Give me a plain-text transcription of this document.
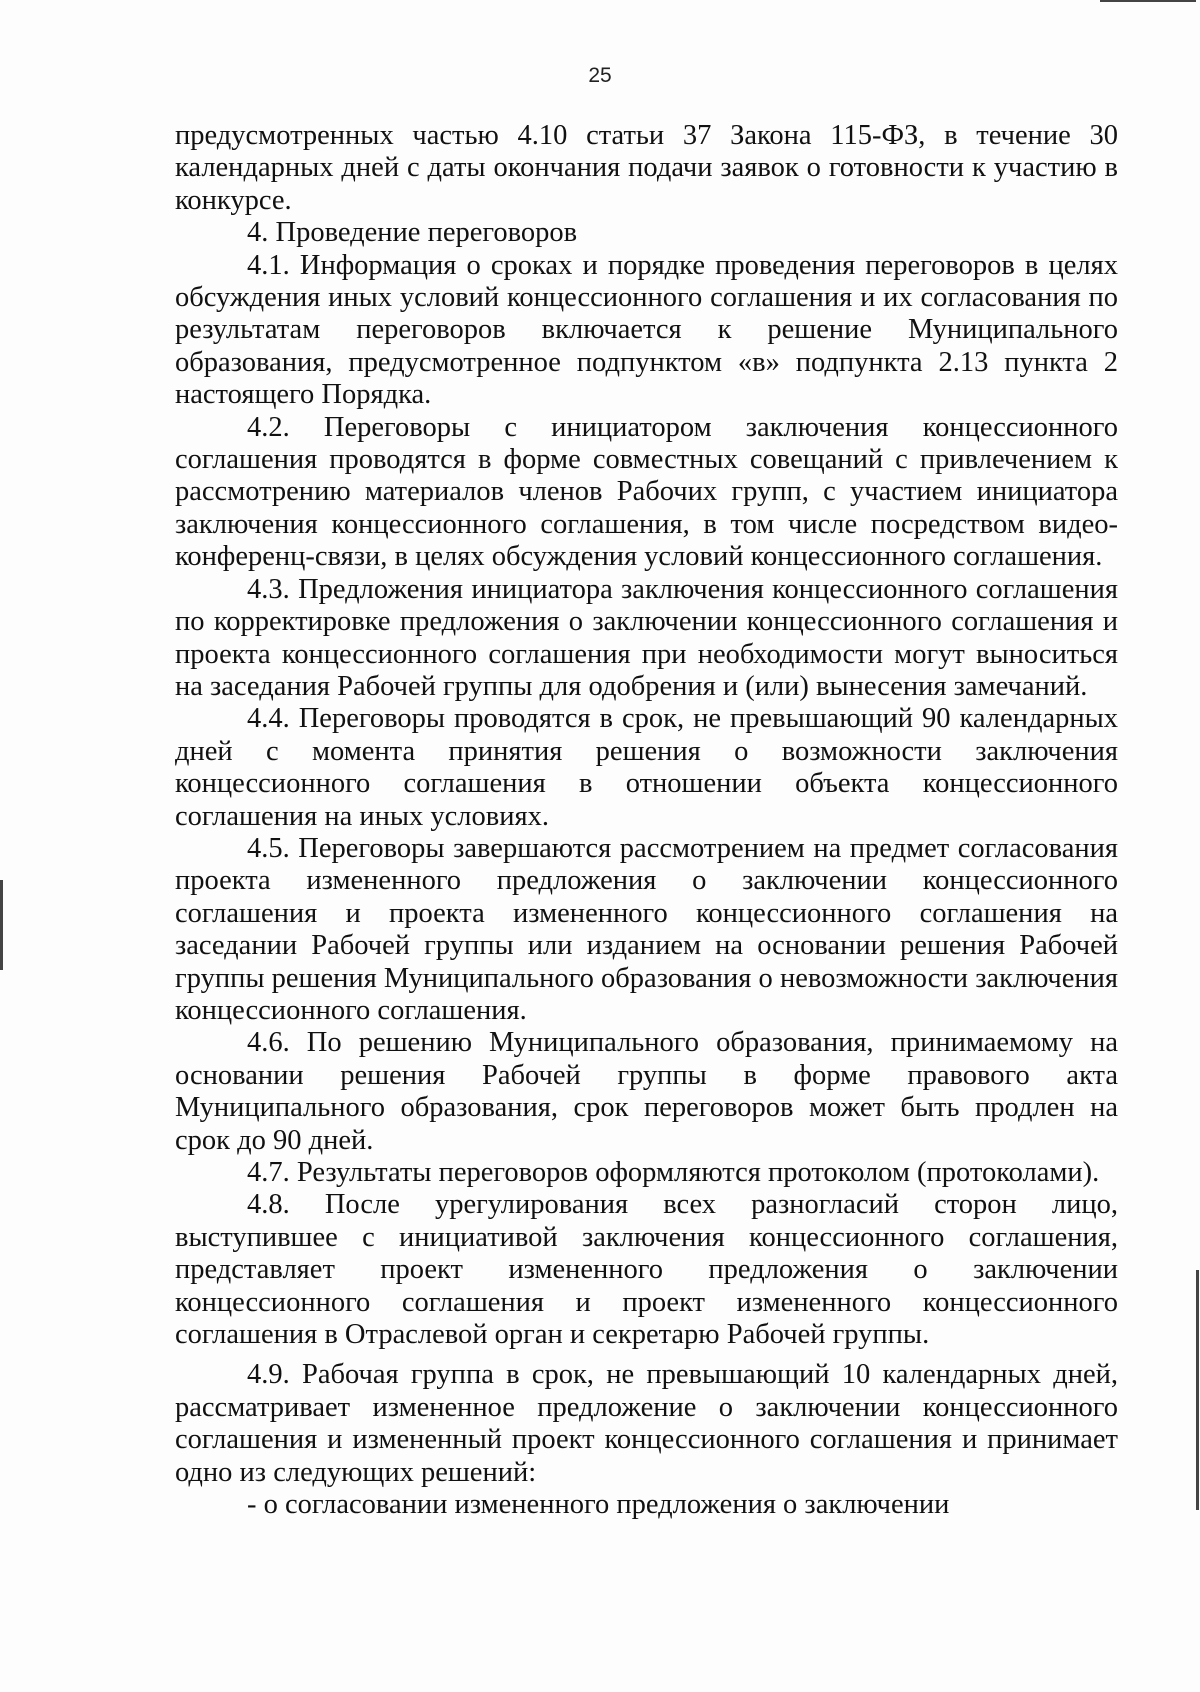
25

предусмотренных частью 4.10 статьи 37 Закона 115-ФЗ, в течение 30 календарных дней с даты окончания подачи заявок о готовности к участию в конкурсе.

4. Проведение переговоров

4.1. Информация о сроках и порядке проведения переговоров в целях обсуждения иных условий концессионного соглашения и их согласования по результатам переговоров включается к решение Муниципального образования, предусмотренное подпунктом «в» подпункта 2.13 пункта 2 настоящего Порядка.

4.2. Переговоры с инициатором заключения концессионного соглашения проводятся в форме совместных совещаний с привлечением к рассмотрению материалов членов Рабочих групп, с участием инициатора заключения концессионного соглашения, в том числе посредством видео-конференц-связи, в целях обсуждения условий концессионного соглашения.

4.3. Предложения инициатора заключения концессионного соглашения по корректировке предложения о заключении концессионного соглашения и проекта концессионного соглашения при необходимости могут выноситься на заседания Рабочей группы для одобрения и (или) вынесения замечаний.

4.4. Переговоры проводятся в срок, не превышающий 90 календарных дней с момента принятия решения о возможности заключения концессионного соглашения в отношении объекта концессионного соглашения на иных условиях.

4.5. Переговоры завершаются рассмотрением на предмет согласования проекта измененного предложения о заключении концессионного соглашения и проекта измененного концессионного соглашения на заседании Рабочей группы или изданием на основании решения Рабочей группы решения Муниципального образования о невозможности заключения концессионного соглашения.

4.6. По решению Муниципального образования, принимаемому на основании решения Рабочей группы в форме правового акта Муниципального образования, срок переговоров может быть продлен на срок до 90 дней.

4.7. Результаты переговоров оформляются протоколом (протоколами).

4.8. После урегулирования всех разногласий сторон лицо, выступившее с инициативой заключения концессионного соглашения, представляет проект измененного предложения о заключении концессионного соглашения и проект измененного концессионного соглашения в Отраслевой орган и секретарю Рабочей группы.

4.9. Рабочая группа в срок, не превышающий 10 календарных дней, рассматривает измененное предложение о заключении концессионного соглашения и измененный проект концессионного соглашения и принимает одно из следующих решений:

- о согласовании измененного предложения о заключении
